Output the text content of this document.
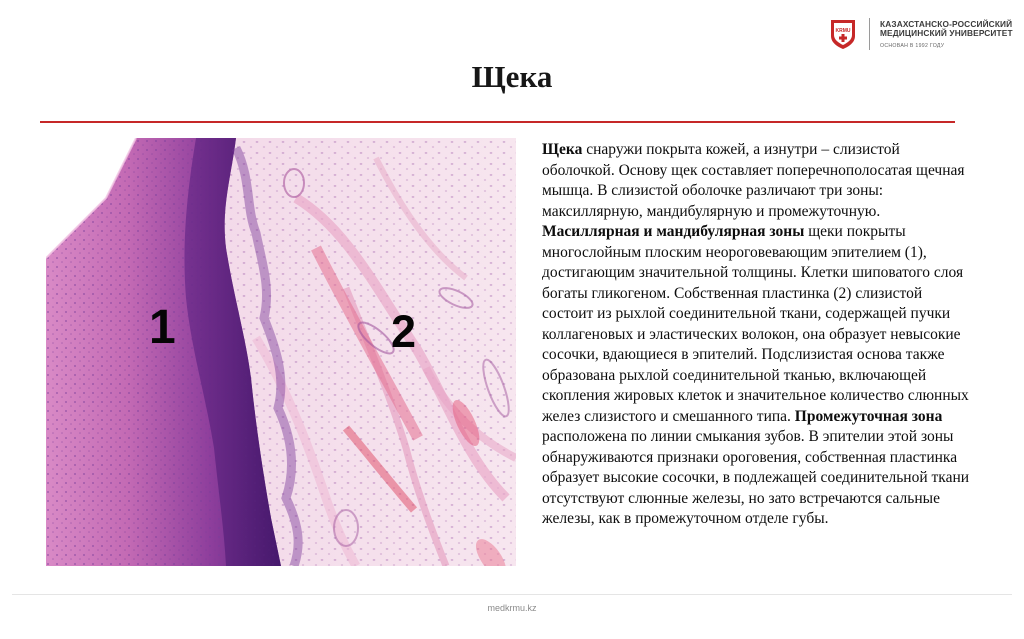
KRMU
КАЗАХСТАНСКО-РОССИЙСКИЙ
МЕДИЦИНСКИЙ УНИВЕРСИТЕТ
ОСНОВАН В 1992 ГОДУ
Щека
1	2
Щека снаружи покрыта кожей, а изнутри – слизистой оболочкой. Основу щек составляет поперечнополосатая щечная мышца. В слизистой оболочке различают три зоны: максиллярную, мандибулярную и промежуточную. Масиллярная и мандибулярная зоны щеки покрыты многослойным плоским неороговевающим эпителием (1), достигающим значительной толщины. Клетки шиповатого слоя богаты гликогеном. Собственная пластинка (2) слизистой состоит из рыхлой соединительной ткани, содержащей пучки коллагеновых и эластических волокон, она образует невысокие сосочки, вдающиеся в эпителий. Подслизистая основа также образована рыхлой соединительной тканью, включающей скопления жировых клеток и значительное количество слюнных желез слизистого и смешанного типа. Промежуточная зона расположена по линии смыкания зубов. В эпителии этой зоны обнаруживаются признаки ороговения, собственная пластинка образует высокие сосочки, в подлежащей соединительной ткани отсутствуют слюнные железы, но зато встречаются сальные железы, как в промежуточном отделе губы.
medkrmu.kz
